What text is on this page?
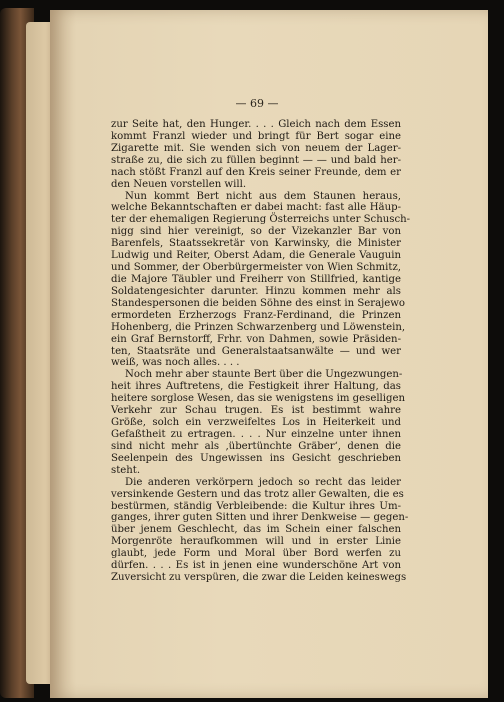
— 69 —
zur Seite hat, den Hunger. . . . Gleich nach dem Essen
kommt Franzl wieder und bringt für Bert sogar eine
Zigarette mit. Sie wenden sich von neuem der Lager-
straße zu, die sich zu füllen beginnt — — und bald her-
nach stößt Franzl auf den Kreis seiner Freunde, dem er
den Neuen vorstellen will.
Nun kommt Bert nicht aus dem Staunen heraus,
welche Bekanntschaften er dabei macht: fast alle Häup-
ter der ehemaligen Regierung Österreichs unter Schusch-
nigg sind hier vereinigt, so der Vizekanzler Bar von
Barenfels, Staatssekretär von Karwinsky, die Minister
Ludwig und Reiter, Oberst Adam, die Generale Vauguin
und Sommer, der Oberbürgermeister von Wien Schmitz,
die Majore Täubler und Freiherr von Stillfried, kantige
Soldatengesichter darunter. Hinzu kommen mehr als
Standespersonen die beiden Söhne des einst in Serajewo
ermordeten Erzherzogs Franz-Ferdinand, die Prinzen
Hohenberg, die Prinzen Schwarzenberg und Löwenstein,
ein Graf Bernstorff, Frhr. von Dahmen, sowie Präsiden-
ten, Staatsräte und Generalstaatsanwälte — und wer
weiß, was noch alles. . . .
Noch mehr aber staunte Bert über die Ungezwungen-
heit ihres Auftretens, die Festigkeit ihrer Haltung, das
heitere sorglose Wesen, das sie wenigstens im geselligen
Verkehr zur Schau trugen. Es ist bestimmt wahre
Größe, solch ein verzweifeltes Los in Heiterkeit und
Gefaßtheit zu ertragen. . . . Nur einzelne unter ihnen
sind nicht mehr als ‚übertünchte Gräber‘, denen die
Seelenpein des Ungewissen ins Gesicht geschrieben
steht.
Die anderen verkörpern jedoch so recht das leider
versinkende Gestern und das trotz aller Gewalten, die es
bestürmen, ständig Verbleibende: die Kultur ihres Um-
ganges, ihrer guten Sitten und ihrer Denkweise — gegen-
über jenem Geschlecht, das im Schein einer falschen
Morgenröte heraufkommen will und in erster Linie
glaubt, jede Form und Moral über Bord werfen zu
dürfen. . . . Es ist in jenen eine wunderschöne Art von
Zuversicht zu verspüren, die zwar die Leiden keineswegs
